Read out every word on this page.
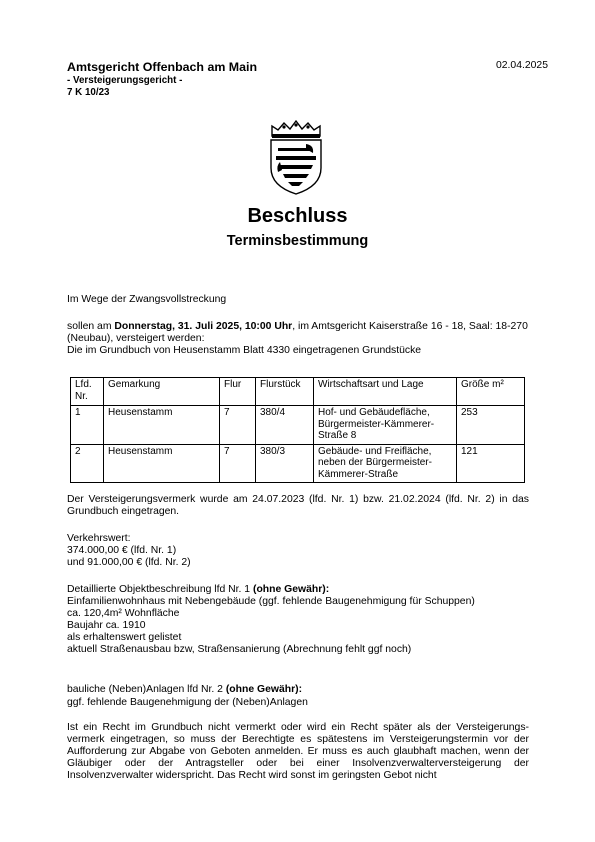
Amtsgericht Offenbach am Main
- Versteigerungsgericht -
7 K 10/23
02.04.2025
Beschluss
Terminsbestimmung
Im Wege der Zwangsvollstreckung
sollen am Donnerstag, 31. Juli 2025, 10:00 Uhr, im Amtsgericht Kaiserstraße 16 - 18, Saal: 18-270 (Neubau), versteigert werden:
Die im Grundbuch von Heusenstamm Blatt 4330 eingetragenen Grundstücke
Lfd. Nr.	Gemarkung	Flur	Flurstück	Wirtschaftsart und Lage	Größe m²
1	Heusenstamm	7	380/4	Hof- und Gebäudefläche, Bürgermeister-Kämmerer-Straße 8	253
2	Heusenstamm	7	380/3	Gebäude- und Freifläche, neben der Bürgermeister-Kämmerer-Straße	121
Der Versteigerungsvermerk wurde am 24.07.2023 (lfd. Nr. 1) bzw. 21.02.2024 (lfd. Nr. 2) in das Grundbuch eingetragen.
Verkehrswert:
374.000,00 € (lfd. Nr. 1)
und 91.000,00 € (lfd. Nr. 2)
Detaillierte Objektbeschreibung lfd Nr. 1 (ohne Gewähr):
Einfamilienwohnhaus mit Nebengebäude (ggf. fehlende Baugenehmigung für Schuppen)
ca. 120,4m² Wohnfläche
Baujahr ca. 1910
als erhaltenswert gelistet
aktuell Straßenausbau bzw, Straßensanierung (Abrechnung fehlt ggf noch)
bauliche (Neben)Anlagen lfd Nr. 2 (ohne Gewähr):
ggf. fehlende Baugenehmigung der (Neben)Anlagen
Ist ein Recht im Grundbuch nicht vermerkt oder wird ein Recht später als der Versteigerungs-vermerk eingetragen, so muss der Berechtigte es spätestens im Versteigerungstermin vor der Aufforderung zur Abgabe von Geboten anmelden. Er muss es auch glaubhaft machen, wenn der Gläubiger oder der Antragsteller oder bei einer Insolvenzverwalterversteigerung der Insolvenzverwalter widerspricht. Das Recht wird sonst im geringsten Gebot nicht
